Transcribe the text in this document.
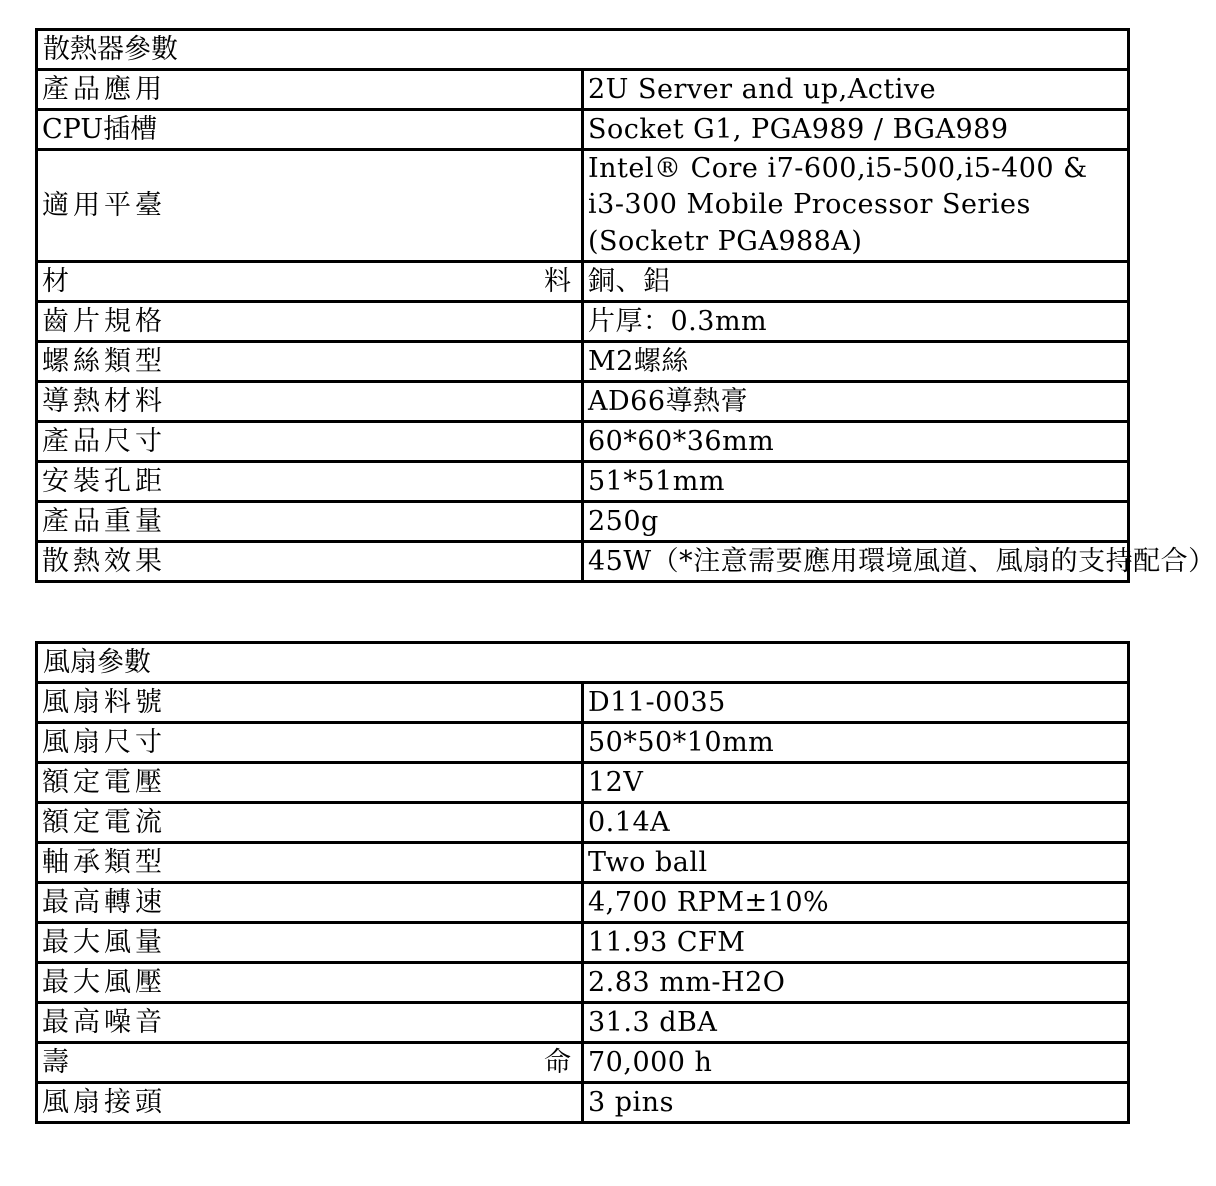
散熱器參數	
產品應用	2U Server and up,Active
CPU插槽	Socket G1, PGA989 / BGA989
適用平臺	Intel® Core i7-600,i5-500,i5-400 & i3-300 Mobile Processor Series (Socketr PGA988A)

材 料	銅、鋁
齒片規格	片厚：0.3mm
螺絲類型	M2螺絲
導熱材料	AD66導熱膏
產品尺寸	60*60*36mm
安裝孔距	51*51mm
產品重量	250g
散熱效果	45W（*注意需要應用環境風道、風扇的支持配合）
風扇參數	
風扇料號	D11-0035
風扇尺寸	50*50*10mm
額定電壓	12V
額定電流	0.14A
軸承類型	Two ball
最高轉速	4,700 RPM±10%
最大風量	11.93 CFM
最大風壓	2.83 mm-H2O
最高噪音	31.3 dBA

壽 命	70,000 h
風扇接頭	3 pins
